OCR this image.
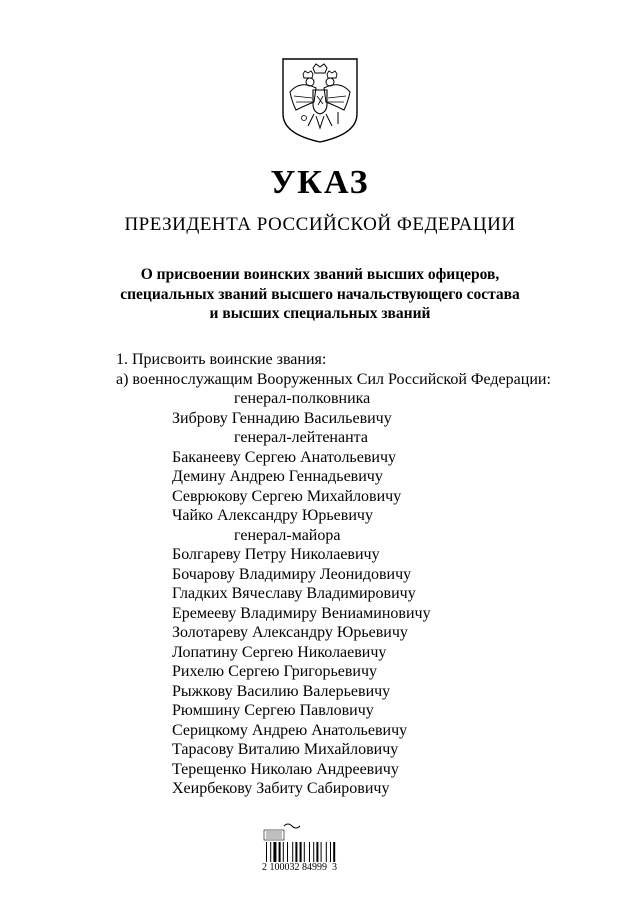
УКАЗ
ПРЕЗИДЕНТА РОССИЙСКОЙ ФЕДЕРАЦИИ
О присвоении воинских званий высших офицеров,
специальных званий высшего начальствующего состава
и высших специальных званий
1. Присвоить воинские звания:
а) военнослужащим Вооруженных Сил Российской Федерации:
генерал-полковника
Зиброву Геннадию Васильевичу
генерал-лейтенанта
Баканееву Сергею Анатольевичу
Демину Андрею Геннадьевичу
Севрюкову Сергею Михайловичу
Чайко Александру Юрьевичу
генерал-майора
Болгареву Петру Николаевичу
Бочарову Владимиру Леонидовичу
Гладких Вячеславу Владимировичу
Еремееву Владимиру Вениаминовичу
Золотареву Александру Юрьевичу
Лопатину Сергею Николаевичу
Рихелю Сергею Григорьевичу
Рыжкову Василию Валерьевичу
Рюмшину Сергею Павловичу
Серицкому Андрею Анатольевичу
Тарасову Виталию Михайловичу
Терещенко Николаю Андреевичу
Хеирбекову Забиту Сабировичу
2 100032 84999  3
